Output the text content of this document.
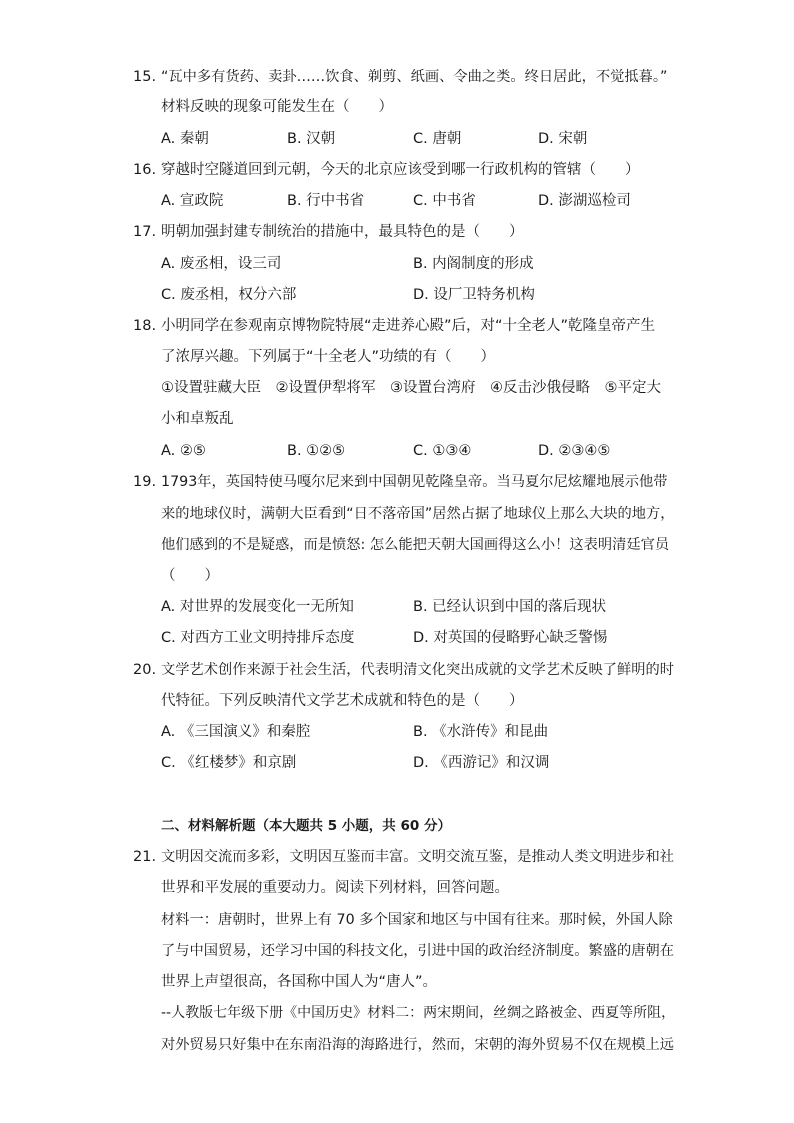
15. “瓦中多有货药、卖卦……饮食、剃剪、纸画、令曲之类。终日居此，不觉抵暮。”
材料反映的现象可能发生在（　　）
A. 秦朝	B. 汉朝	C. 唐朝	D. 宋朝
16. 穿越时空隧道回到元朝，今天的北京应该受到哪一行政机构的管辖（　　）
A. 宣政院	B. 行中书省	C. 中书省	D. 澎湖巡检司
17. 明朝加强封建专制统治的措施中，最具特色的是（　　）
A. 废丞相，设三司	B. 内阁制度的形成
C. 废丞相，权分六部	D. 设厂卫特务机构
18. 小明同学在参观南京博物院特展“走进养心殿”后，对“十全老人”乾隆皇帝产生
了浓厚兴趣。下列属于“十全老人”功绩的有（　　）
①设置驻藏大臣　②设置伊犁将军　③设置台湾府　④反击沙俄侵略　⑤平定大
小和卓叛乱
A. ②⑤	B. ①②⑤	C. ①③④	D. ②③④⑤
19. 1793年，英国特使马嘎尔尼来到中国朝见乾隆皇帝。当马夏尔尼炫耀地展示他带
来的地球仪时，满朝大臣看到“日不落帝国”居然占据了地球仪上那么大块的地方，
他们感到的不是疑惑，而是愤怒: 怎么能把天朝大国画得这么小！这表明清廷官员
（　　）
A. 对世界的发展变化一无所知	B. 已经认识到中国的落后现状
C. 对西方工业文明持排斥态度	D. 对英国的侵略野心缺乏警惕
20. 文学艺术创作来源于社会生活，代表明清文化突出成就的文学艺术反映了鲜明的时
代特征。下列反映清代文学艺术成就和特色的是（　　）
A. 《三国演义》和秦腔	B. 《水浒传》和昆曲
C. 《红楼梦》和京剧	D. 《西游记》和汉调
二、材料解析题（本大题共 5 小题，共 60 分）
21. 文明因交流而多彩，文明因互鉴而丰富。文明交流互鉴，是推动人类文明进步和社
世界和平发展的重要动力。阅读下列材料，回答问题。
材料一：唐朝时，世界上有 70 多个国家和地区与中国有往来。那时候，外国人除
了与中国贸易，还学习中国的科技文化，引进中国的政治经济制度。繁盛的唐朝在
世界上声望很高，各国称中国人为“唐人”。
--人教版七年级下册《中国历史》材料二：两宋期间，丝绸之路被金、西夏等所阻，
对外贸易只好集中在东南沿海的海路进行，然而，宋朝的海外贸易不仅在规模上远
